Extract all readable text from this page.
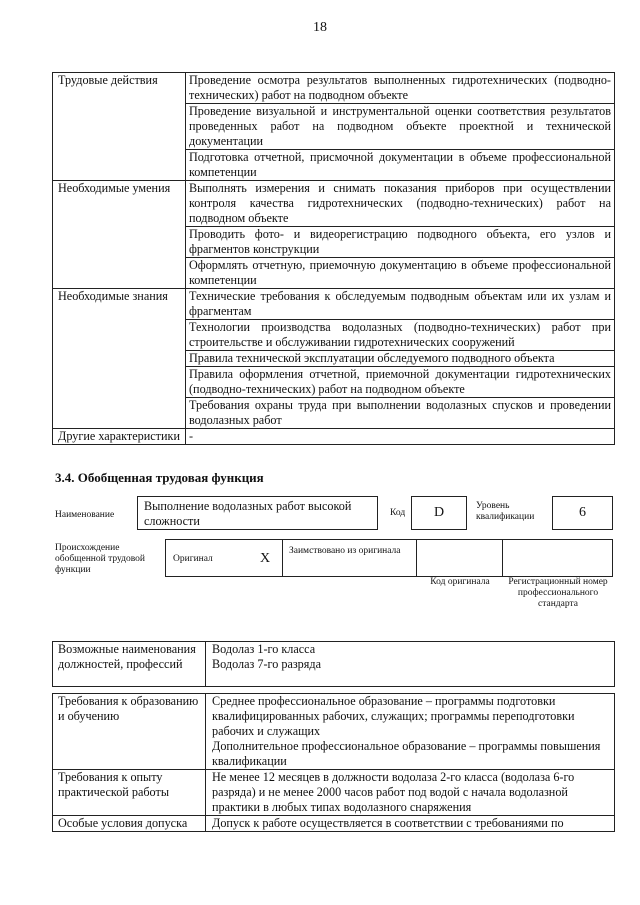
18
Трудовые действия	Проведение осмотра результатов выполненных гидротехнических (подводно-технических) работ на подводном объекте
	Проведение визуальной и инструментальной оценки соответствия результатов проведенных работ на подводном объекте проектной и технической документации
	Подготовка отчетной, присмочной документации в объеме профессиональной компетенции
Необходимые умения	Выполнять измерения и снимать показания приборов при осуществлении контроля качества гидротехнических (подводно-технических) работ на подводном объекте
	Проводить фото- и видеорегистрацию подводного объекта, его узлов и фрагментов конструкции
	Оформлять отчетную, приемочную документацию в объеме профессиональной компетенции
Необходимые знания	Технические требования к обследуемым подводным объектам или их узлам и фрагментам
	Технологии производства водолазных (подводно-технических) работ при строительстве и обслуживании гидротехнических сооружений
	Правила технической эксплуатации обследуемого подводного объекта
	Правила оформления отчетной, приемочной документации гидротехнических (подводно-технических) работ на подводном объекте
	Требования охраны труда при выполнении водолазных спусков и проведении водолазных работ
Другие характеристики	-
3.4. Обобщенная трудовая функция
Наименование
Выполнение водолазных работ высокой сложности
Код	D	Уровень квалификации	6
Происхождение обобщенной трудовой функции
Оригинал	X Заимствовано из оригинала
Код оригинала	Регистрационный номер профессионального стандарта
Возможные наименования должностей, профессий	Водолаз 1-го класса
Водолаз 7-го разряда

Требования к образованию и обучению	Среднее профессиональное образование – программы подготовки квалифицированных рабочих, служащих; программы переподготовки рабочих и служащих
Дополнительное профессиональное образование – программы повышения квалификации

Требования к опыту практической работы	Не менее 12 месяцев в должности водолаза 2-го класса (водолаза 6-го разряда) и не менее 2000 часов работ под водой с начала водолазной практики в любых типах водолазного снаряжения

Особые условия допуска	Допуск к работе осуществляется в соответствии с требованиями по
